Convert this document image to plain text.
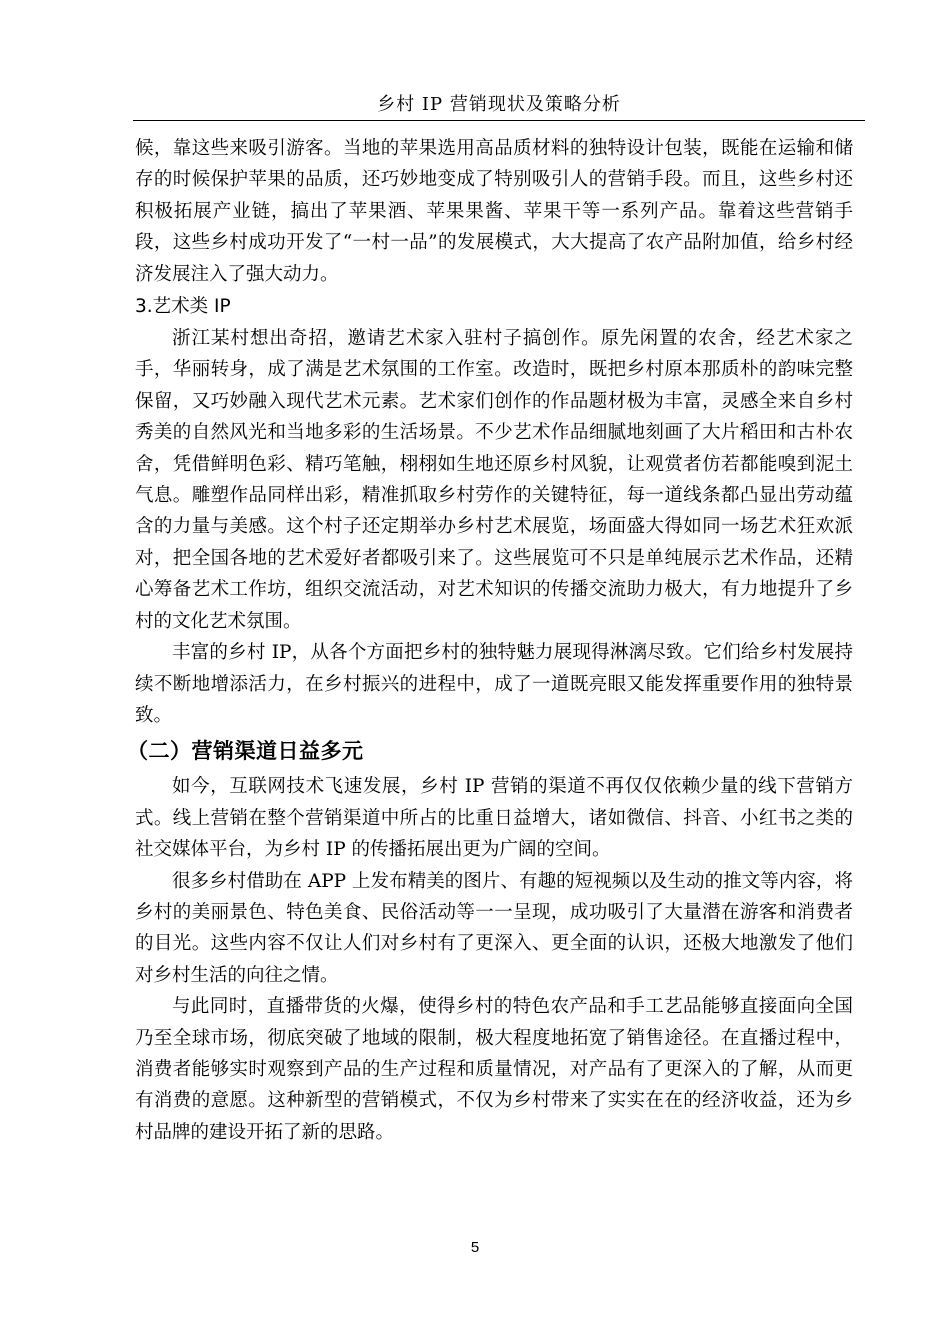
乡村 IP 营销现状及策略分析

候，靠这些来吸引游客。当地的苹果选用高品质材料的独特设计包装，既能在运输和储存的时候保护苹果的品质，还巧妙地变成了特别吸引人的营销手段。而且，这些乡村还积极拓展产业链，搞出了苹果酒、苹果果酱、苹果干等一系列产品。靠着这些营销手段，这些乡村成功开发了“一村一品”的发展模式，大大提高了农产品附加值，给乡村经济发展注入了强大动力。

3.艺术类 IP

浙江某村想出奇招，邀请艺术家入驻村子搞创作。原先闲置的农舍，经艺术家之手，华丽转身，成了满是艺术氛围的工作室。改造时，既把乡村原本那质朴的韵味完整保留，又巧妙融入现代艺术元素。艺术家们创作的作品题材极为丰富，灵感全来自乡村秀美的自然风光和当地多彩的生活场景。不少艺术作品细腻地刻画了大片稻田和古朴农舍，凭借鲜明色彩、精巧笔触，栩栩如生地还原乡村风貌，让观赏者仿若都能嗅到泥土气息。雕塑作品同样出彩，精准抓取乡村劳作的关键特征，每一道线条都凸显出劳动蕴含的力量与美感。这个村子还定期举办乡村艺术展览，场面盛大得如同一场艺术狂欢派对，把全国各地的艺术爱好者都吸引来了。这些展览可不只是单纯展示艺术作品，还精心筹备艺术工作坊，组织交流活动，对艺术知识的传播交流助力极大，有力地提升了乡村的文化艺术氛围。

丰富的乡村 IP，从各个方面把乡村的独特魅力展现得淋漓尽致。它们给乡村发展持续不断地增添活力，在乡村振兴的进程中，成了一道既亮眼又能发挥重要作用的独特景致。

（二）营销渠道日益多元

如今，互联网技术飞速发展，乡村 IP 营销的渠道不再仅仅依赖少量的线下营销方式。线上营销在整个营销渠道中所占的比重日益增大，诸如微信、抖音、小红书之类的社交媒体平台，为乡村 IP 的传播拓展出更为广阔的空间。

很多乡村借助在 APP 上发布精美的图片、有趣的短视频以及生动的推文等内容，将乡村的美丽景色、特色美食、民俗活动等一一呈现，成功吸引了大量潜在游客和消费者的目光。这些内容不仅让人们对乡村有了更深入、更全面的认识，还极大地激发了他们对乡村生活的向往之情。

与此同时，直播带货的火爆，使得乡村的特色农产品和手工艺品能够直接面向全国乃至全球市场，彻底突破了地域的限制，极大程度地拓宽了销售途径。在直播过程中，消费者能够实时观察到产品的生产过程和质量情况，对产品有了更深入的了解，从而更有消费的意愿。这种新型的营销模式，不仅为乡村带来了实实在在的经济收益，还为乡村品牌的建设开拓了新的思路。

5
